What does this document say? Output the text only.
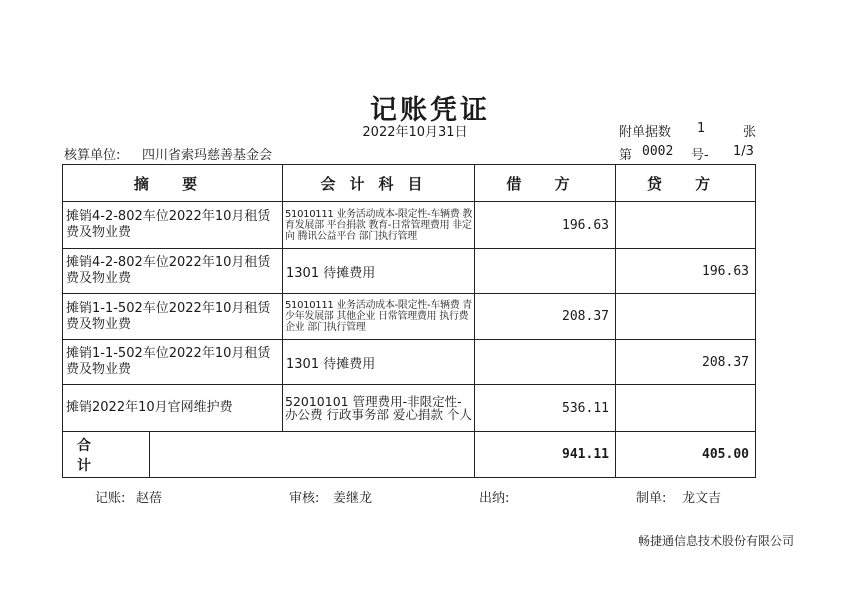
记账凭证
2022年10月31日	附单据数 1	张
核算单位: 四川省索玛慈善基金会	第 0002 号- 1/3
摘 要	会计科目	借 方	贷 方
摊销4-2-802车位2022年10月租赁费及物业费	51010111 业务活动成本-限定性-车辆费 教育发展部 平台捐款 教育-日常管理费用 非定向 腾讯公益平台 部门执行管理	196.63	
摊销4-2-802车位2022年10月租赁费及物业费	1301 待摊费用		196.63
摊销1-1-502车位2022年10月租赁费及物业费	51010111 业务活动成本-限定性-车辆费 青少年发展部 其他企业 日常管理费用 执行费 企业 部门执行管理	208.37	
摊销1-1-502车位2022年10月租赁费及物业费	1301 待摊费用		208.37
摊销2022年10月官网维护费	52010101 管理费用-非限定性-办公费 行政事务部 爱心捐款 个人	536.11	

合 计		941.11	405.00
记账: 赵蓓	审核: 姜继龙	出纳:	制单: 龙文吉
畅捷通信息技术股份有限公司
